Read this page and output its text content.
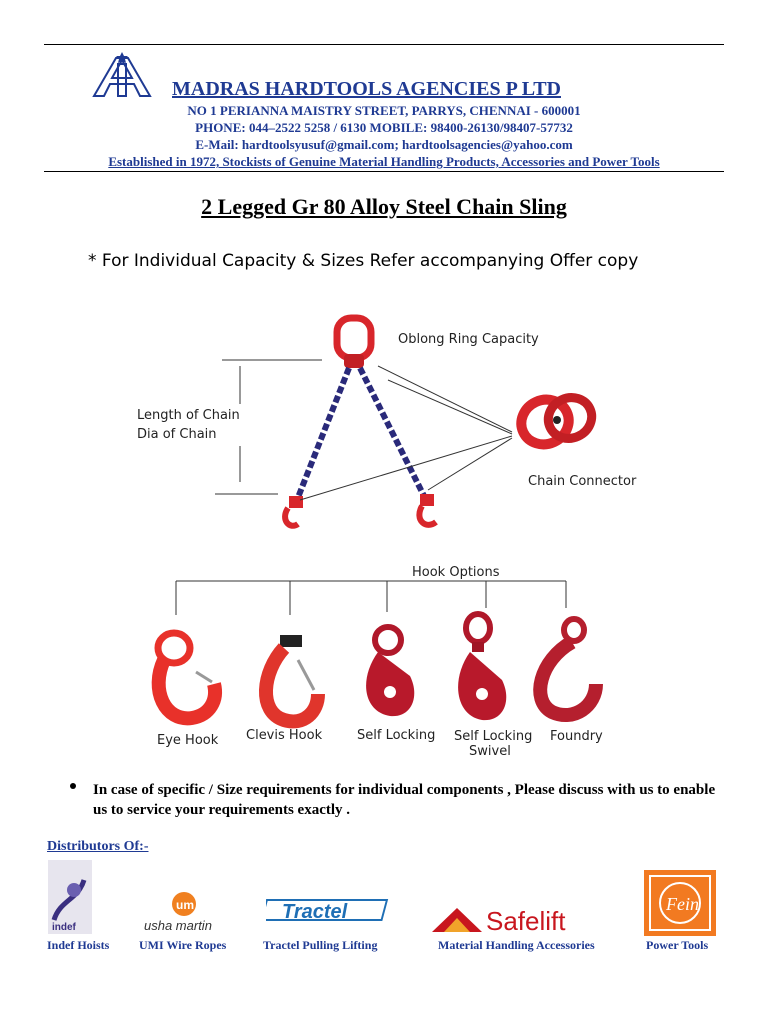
MADRAS HARDTOOLS AGENCIES P LTD
NO 1 PERIANNA MAISTRY STREET, PARRYS, CHENNAI - 600001
PHONE: 044–2522 5258 / 6130 MOBILE: 98400-26130/98407-57732
E-Mail: hardtoolsyusuf@gmail.com; hardtoolsagencies@yahoo.com
Established in 1972, Stockists of Genuine Material Handling Products, Accessories and Power Tools
2 Legged Gr 80 Alloy Steel Chain Sling
* For Individual Capacity & Sizes Refer accompanying Offer copy
Oblong Ring Capacity
Chain Connector
Length of Chain
Dia of Chain
Hook Options
Eye Hook Clevis Hook	Self Locking Self Locking
Swivel
Foundry
In case of specific / Size requirements for individual components , Please discuss with us to enable us to service your requirements exactly .
Distributors Of:-
indef
Indef Hoists
um
usha martin
UMI Wire Ropes
Tractel
Tractel Pulling Lifting
Safelift
Material Handling Accessories
Fein
Power Tools
